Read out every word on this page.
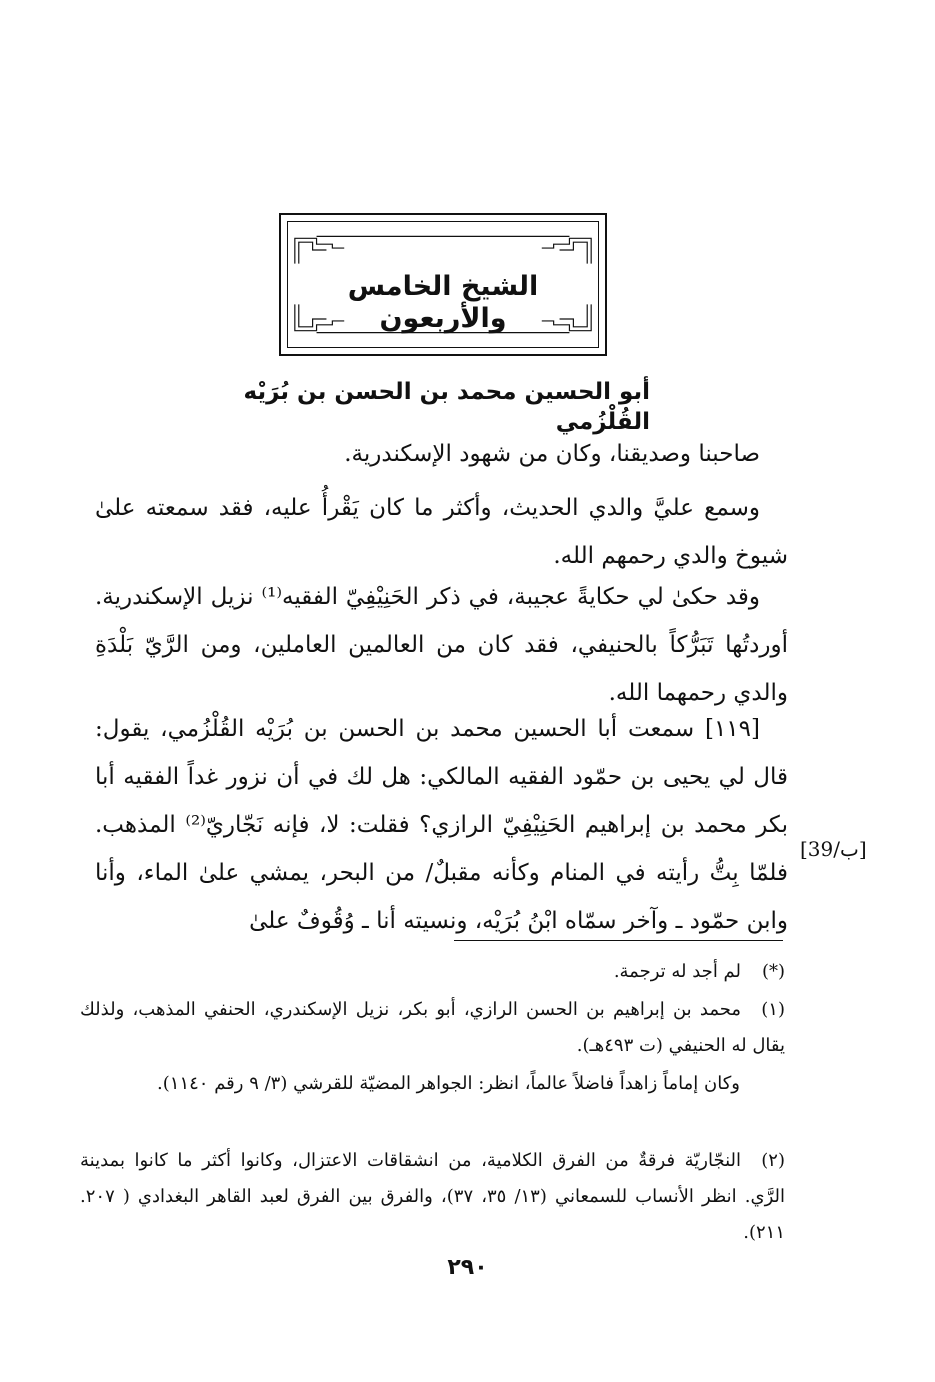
الشيخ الخامس والأربعون
أبو الحسين محمد بن الحسن بن بُرَيْه القُلْزُمي
صاحبنا وصديقنا، وكان من شهود الإسكندرية.
وسمع عليَّ والدي الحديث، وأكثر ما كان يَقْرأُ عليه، فقد سمعته علىٰ شيوخ والدي رحمهم الله.
وقد حكىٰ لي حكايةً عجيبة، في ذكر الحَنِيْفِيّ الفقيه⁽¹⁾ نزيل الإسكندرية. أوردتُها تَبَرُّكاً بالحنيفي، فقد كان من العالمين العاملين، ومن الرَّيّ بَلْدَةِ والدي رحمهما الله.
[١١٩] سمعت أبا الحسين محمد بن الحسن بن بُرَيْه القُلْزُمي، يقول: قال لي يحيى بن حمّود الفقيه المالكي: هل لك في أن نزور غداً الفقيه أبا بكر محمد بن إبراهيم الحَنِيْفِيّ الرازي؟ فقلت: لا، فإنه نَجّاريّ⁽²⁾ المذهب. فلمّا بِتُّ رأيته في المنام وكأنه مقبلٌ/ من البحر، يمشي علىٰ الماء، وأنا وابن حمّود ـ وآخر سمّاه ابْنُ بُرَيْه، ونسيته أنا ـ وُقُوفٌ علىٰ
[39/ب]
(*)لم أجد له ترجمة.
(١)محمد بن إبراهيم بن الحسن الرازي، أبو بكر، نزيل الإسكندري، الحنفي المذهب، ولذلك يقال له الحنيفي (ت ٤٩٣هـ).
وكان إماماً زاهداً فاضلاً عالماً، انظر: الجواهر المضيّة للقرشي (٣/ ٩ رقم ١١٤٠).
(٢)النجّاريّة فرقةٌ من الفرق الكلامية، من انشقاقات الاعتزال، وكانوا أكثر ما كانوا بمدينة الرَّي. انظر الأنساب للسمعاني (١٣/ ٣٥، ٣٧)، والفرق بين الفرق لعبد القاهر البغدادي ( ٢٠٧. ٢١١).
٢٩٠
